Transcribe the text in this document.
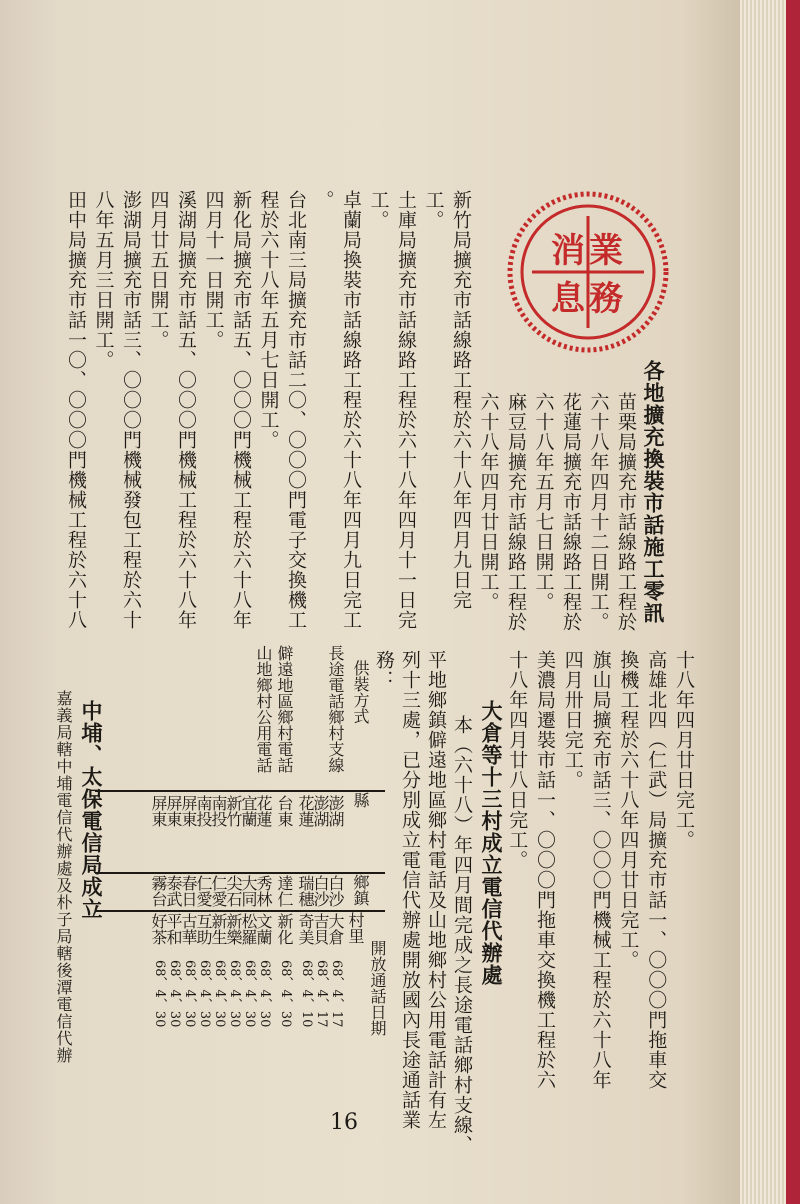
業
消
息 務
各地擴充換裝市話施工零訊
苗栗局擴充市話線路工程於
六十八年四月十二日開工。
花蓮局擴充市話線路工程於
六十八年五月七日開工。
麻豆局擴充市話線路工程於
六十八年四月廿日開工。
新竹局擴充市話線路工程於六十八年四月九日完
工。
土庫局擴充市話線路工程於六十八年四月十一日完
工。
卓蘭局換裝市話線路工程於六十八年四月九日完工
。
台北南三局擴充市話二〇、〇〇〇門電子交換機工
程於六十八年五月七日開工。
新化局擴充市話五、〇〇〇門機械工程於六十八年
四月十一日開工。
溪湖局擴充市話五、〇〇〇門機械工程於六十八年
四月廿五日開工。
澎湖局擴充市話三、〇〇〇門機械發包工程於六十
八年五月三日開工。
田中局擴充市話一〇、〇〇〇門機械工程於六十八
十八年四月廿日完工。
高雄北四（仁武）局擴充市話一、〇〇〇門拖車交
換機工程於六十八年四月廿日完工。
旗山局擴充市話三、〇〇〇門機械工程於六十八年
四月卅日完工。
美濃局遷裝市話一、〇〇〇門拖車交換機工程於六
十八年四月廿八日完工。
大倉等十三村成立電信代辦處
本（六十八）年四月間完成之長途電話鄉村支線、
平地鄉鎮僻遠地區鄉村電話及山地鄉村公用電話計有左
列十三處，已分別成立電信代辦處開放國內長途通話業
務：
供裝方式
縣
鄉鎮
村里
開放通話日期
澎湖
白沙
大倉
68、4、17
澎湖
白沙
吉貝
68、4、17
花蓮
瑞穗
奇美
68、4、10
長途電話鄉村支線
台東
達仁
新化
68、4、30
僻遠地區鄉村電話
花蓮
秀林
文蘭
68、4、30
宜蘭
大同
松羅
68、4、30
新竹
尖石
新樂
68、4、30
南投
仁愛
新生
68、4、30
南投
仁愛
互助
68、4、30
屏東
春日
古華
68、4、30
屏東
泰武
平和
68、4、30
屏東
霧台
好茶
68、4、30
山地鄉村公用電話
中埔、太保電信局成立
嘉義局轄中埔電信代辦處及朴子局轄後潭電信代辦
16
